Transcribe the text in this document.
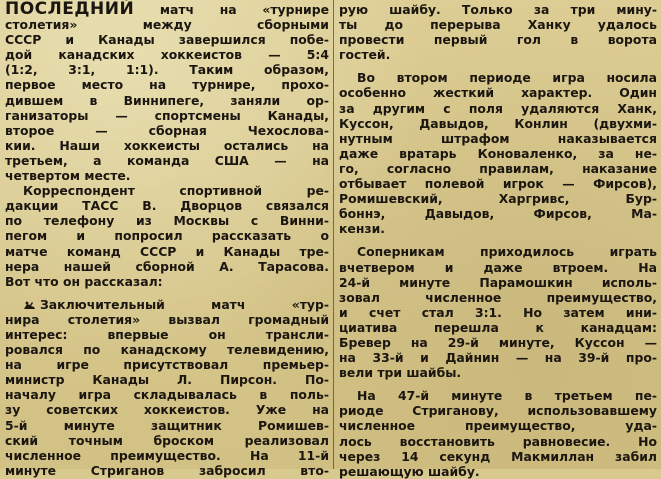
ПОСЛЕДНИЙ матч на «турнире
столетия» между сборными
СССР и Канады завершился побе-
дой канадских хоккеистов — 5:4
(1:2, 3:1, 1:1). Таким образом,
первое место на турнире, прохо-
дившем в Виннипеге, заняли ор-
ганизаторы — спортсмены Канады,
второе — сборная Чехослова-
кии. Наши хоккеисты остались на
третьем, а команда США — на
четвертом месте.
Корреспондент спортивной ре-
дакции ТАСС В. Дворцов связался
по телефону из Москвы с Винни-
пегом и попросил рассказать о
матче команд СССР и Канады тре-
нера нашей сборной А. Тарасова.
Вот что он рассказал:
Заключительный матч «тур-
нира столетия» вызвал громадный
интерес: впервые он трансли-
ровался по канадскому телевидению,
на игре присутствовал премьер-
министр Канады Л. Пирсон. По-
началу игра складывалась в поль-
зу советских хоккеистов. Уже на
5-й минуте защитник Ромишев-
ский точным броском реализовал
численное преимущество. На 11-й
минуте Стриганов забросил вто-
рую шайбу. Только за три мину-
ты до перерыва Ханку удалось
провести первый гол в ворота
гостей.
Во втором периоде игра носила
особенно жесткий характер. Один
за другим с поля удаляются Ханк,
Куссон, Давыдов, Конлин (двухми-
нутным штрафом наказывается
даже вратарь Коноваленко, за не-
го, согласно правилам, наказание
отбывает полевой игрок — Фирсов),
Ромишевский, Харгривс, Бур-
боннэ, Давыдов, Фирсов, Ма-
кензи.
Соперникам приходилось играть
вчетвером и даже втроем. На
24-й минуте Парамошкин исполь-
зовал численное преимущество,
и счет стал 3:1. Но затем ини-
циатива перешла к канадцам:
Бревер на 29-й минуте, Куссон —
на 33-й и Дайнин — на 39-й про-
вели три шайбы.
На 47-й минуте в третьем пе-
риоде Стриганову, использовавшему
численное преимущество, уда-
лось восстановить равновесие. Но
через 14 секунд Макмиллан забил
решающую шайбу.
